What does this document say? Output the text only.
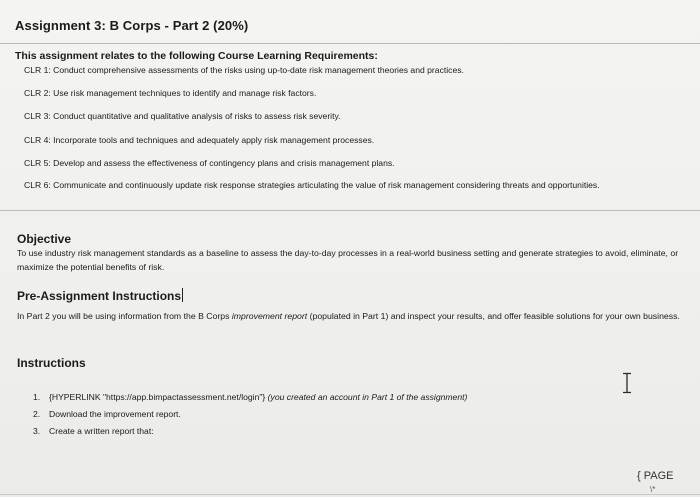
Assignment 3: B Corps - Part 2 (20%)
This assignment relates to the following Course Learning Requirements:
CLR 1: Conduct comprehensive assessments of the risks using up-to-date risk management theories and practices.
CLR 2: Use risk management techniques to identify and manage risk factors.
CLR 3: Conduct quantitative and qualitative analysis of risks to assess risk severity.
CLR 4: Incorporate tools and techniques and adequately apply risk management processes.
CLR 5: Develop and assess the effectiveness of contingency plans and crisis management plans.
CLR 6: Communicate and continuously update risk response strategies articulating the value of risk management considering threats and opportunities.
Objective
To use industry risk management standards as a baseline to assess the day-to-day processes in a real-world business setting and generate strategies to avoid, eliminate, or maximize the potential benefits of risk.
Pre-Assignment Instructions
In Part 2 you will be using information from the B Corps improvement report (populated in Part 1) and inspect your results, and offer feasible solutions for your own business.
Instructions
1. {HYPERLINK "https://app.bimpactassessment.net/login"} (you created an account in Part 1 of the assignment)
2. Download the improvement report.
3. Create a written report that:
{ PAGE
\*
